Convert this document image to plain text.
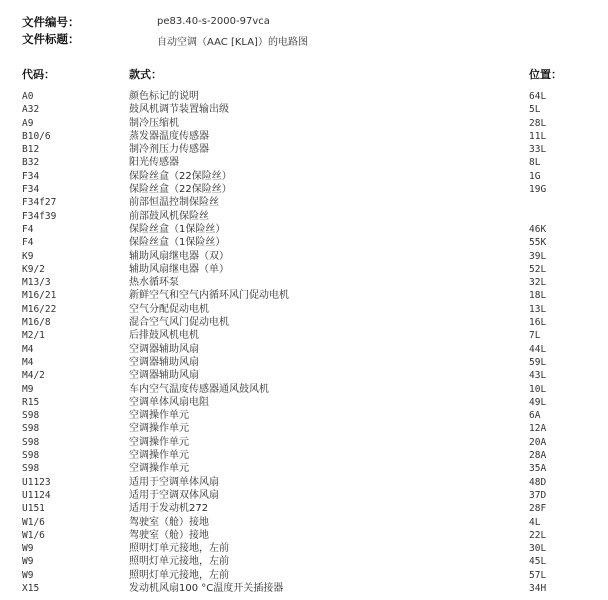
文件编号：	pe83.40-s-2000-97vca
文件标题：	自动空调（AAC [KLA]）的电路图
代码：	款式：	位置：
A0	颜色标记的说明	64L
A32	鼓风机调节装置输出级	5L
A9	制冷压缩机	28L
B10/6	蒸发器温度传感器	11L
B12	制冷剂压力传感器	33L
B32	阳光传感器	8L
F34	保险丝盒（22保险丝）	1G
F34	保险丝盒（22保险丝）	19G
F34f27	前部恒温控制保险丝
F34f39	前部鼓风机保险丝
F4	保险丝盒（1保险丝）	46K
F4	保险丝盒（1保险丝）	55K
K9	辅助风扇继电器（双）	39L
K9/2	辅助风扇继电器（单）	52L
M13/3	热水循环泵	32L
M16/21	新鲜空气和空气内循环风门促动电机	18L
M16/22	空气分配促动电机	13L
M16/8	混合空气风门促动电机	16L
M2/1	后排鼓风机电机	7L
M4	空调器辅助风扇	44L
M4	空调器辅助风扇	59L
M4/2	空调器辅助风扇	43L
M9	车内空气温度传感器通风鼓风机	10L
R15	空调单体风扇电阻	49L
S98	空调操作单元	6A
S98	空调操作单元	12A
S98	空调操作单元	20A
S98	空调操作单元	28A
S98	空调操作单元	35A
U1123	适用于空调单体风扇	48D
U1124	适用于空调双体风扇	37D
U151	适用于发动机272	28F
W1/6	驾驶室（舱）接地	4L
W1/6	驾驶室（舱）接地	22L
W9	照明灯单元接地，左前	30L
W9	照明灯单元接地，左前	45L
W9	照明灯单元接地，左前	57L
X15	发动机风扇100 °C温度开关插接器	34H
